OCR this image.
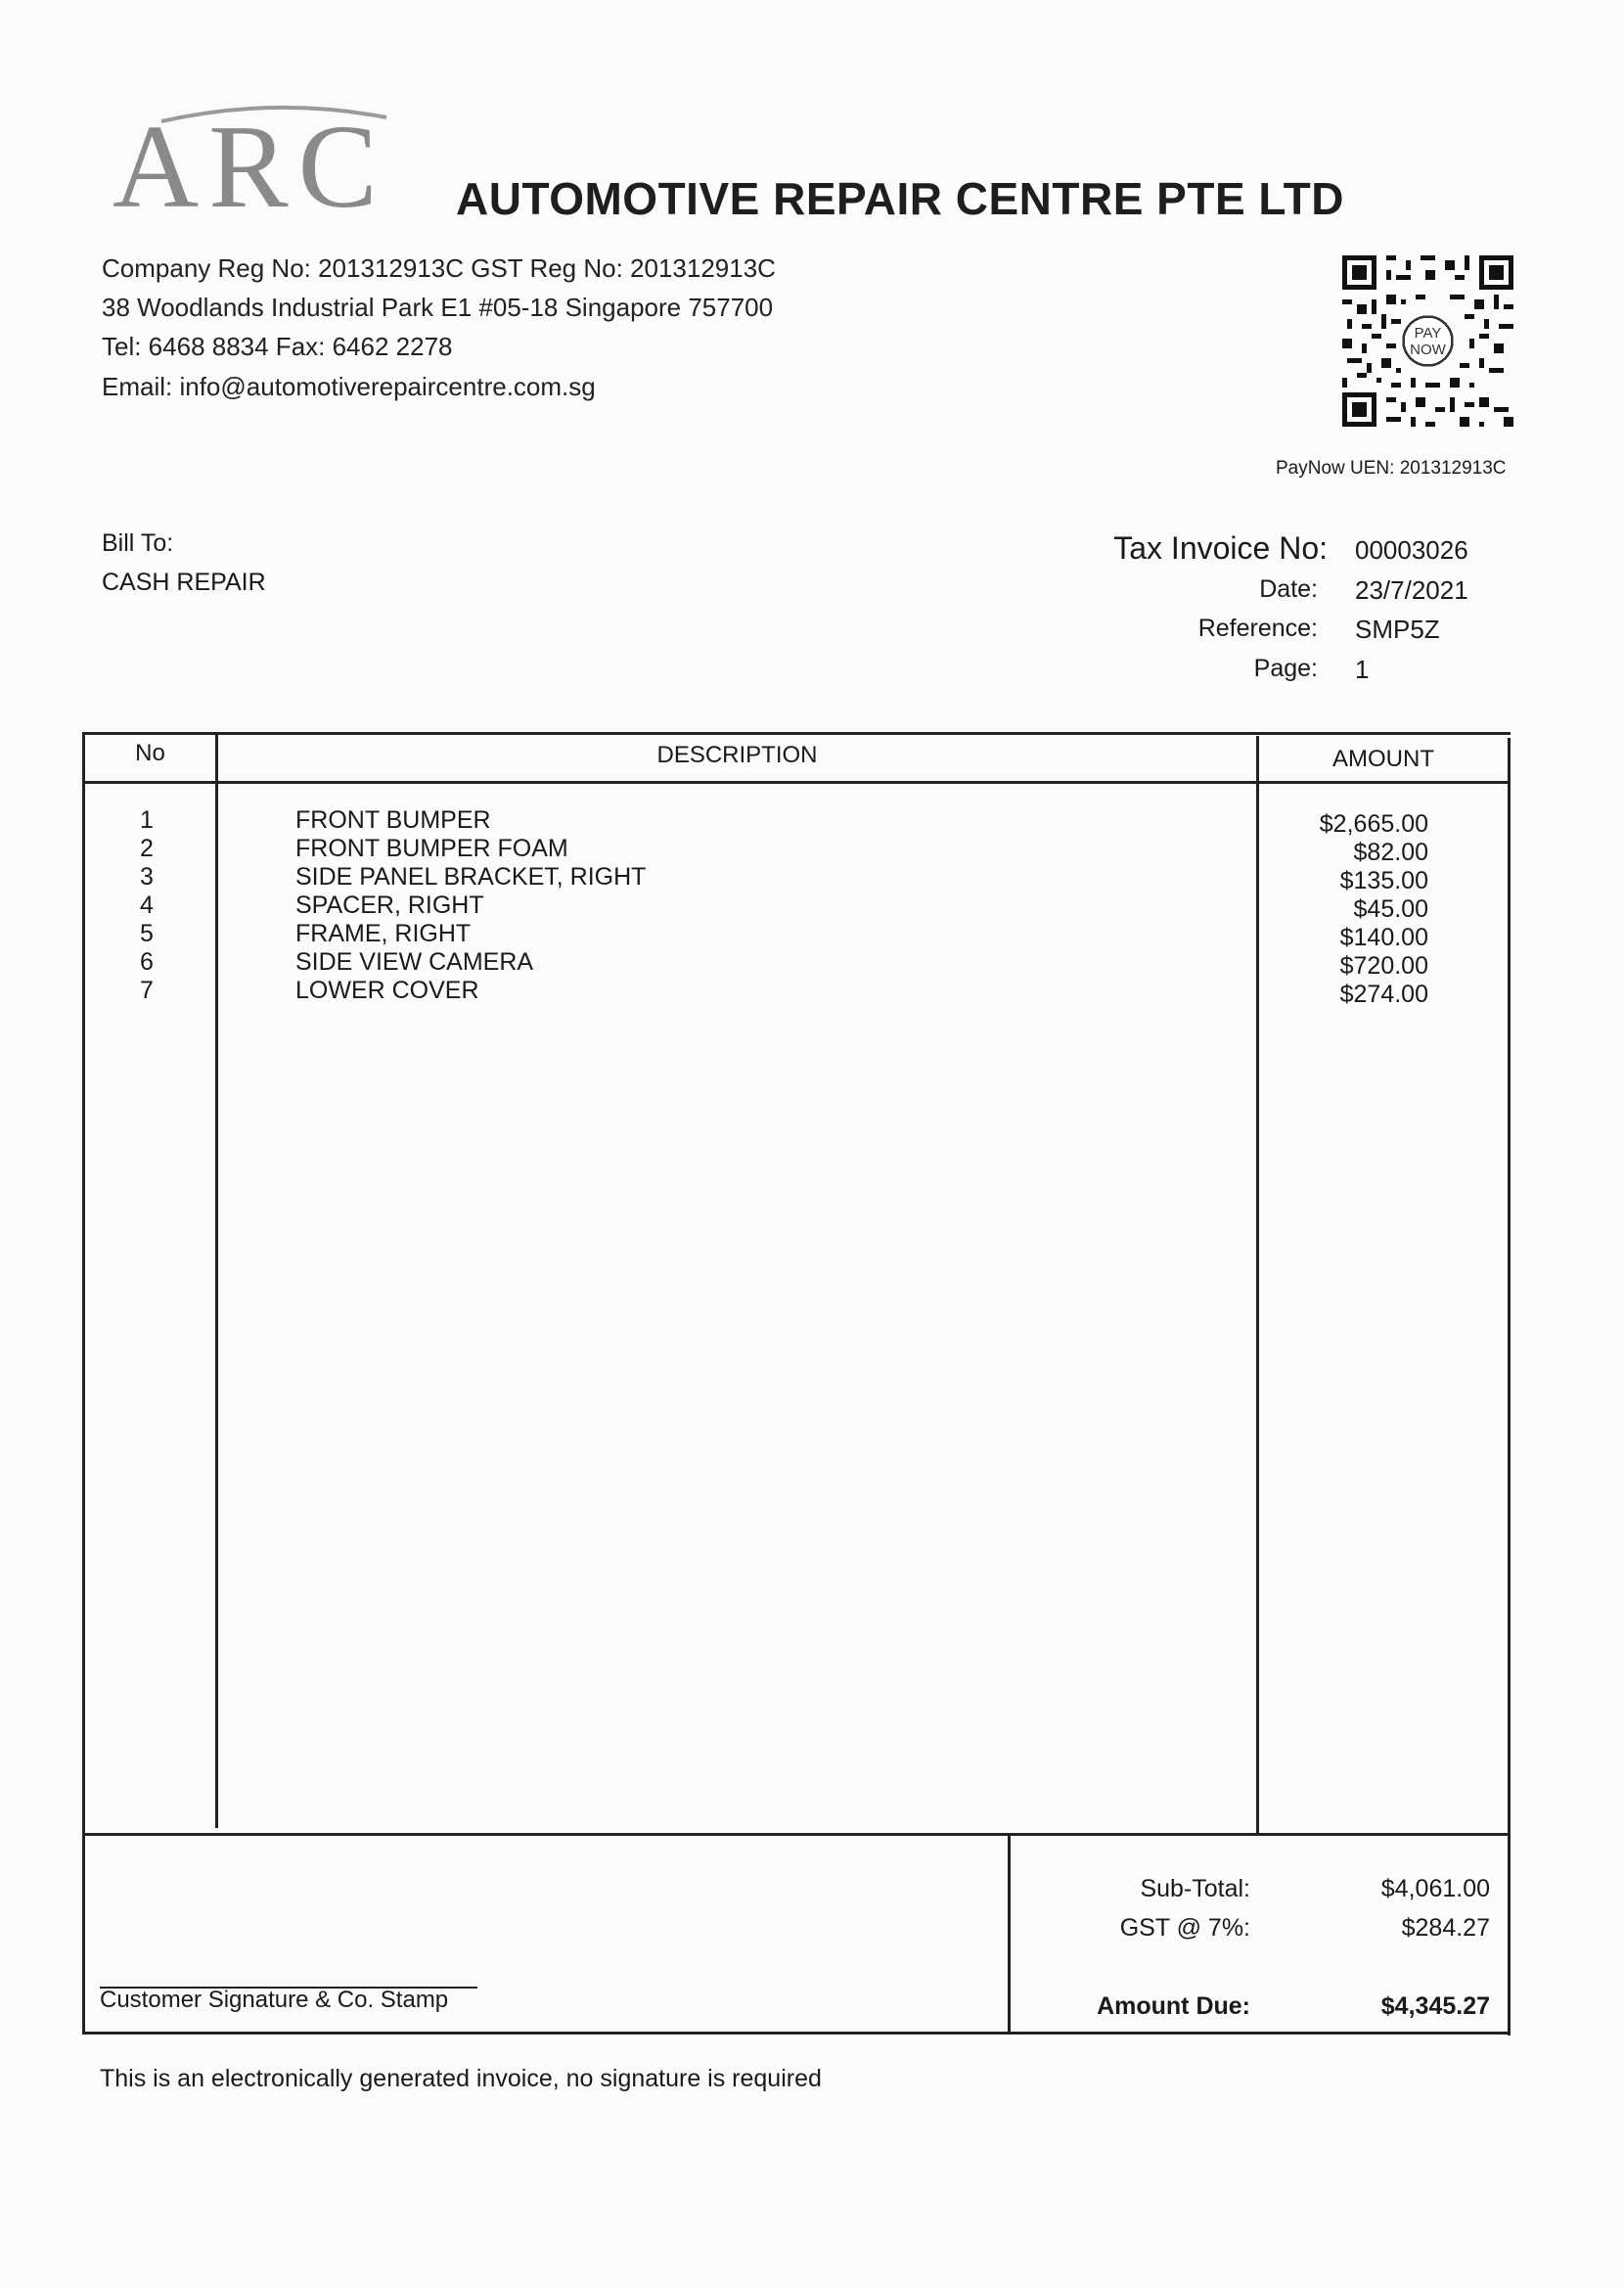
ARC AUTOMOTIVE REPAIR CENTRE PTE LTD
Company Reg No: 201312913C GST Reg No: 201312913C
38 Woodlands Industrial Park E1 #05-18 Singapore 757700
Tel: 6468 8834 Fax: 6462 2278
Email: info@automotiverepaircentre.com.sg
PAY
NOW
PayNow UEN: 201312913C
Bill To:
CASH REPAIR
Tax Invoice No: 00003026
Date: 23/7/2021
Reference: SMP5Z
Page: 1
No	DESCRIPTION	AMOUNT
1	FRONT BUMPER	$2,665.00
2	FRONT BUMPER FOAM	$82.00
3	SIDE PANEL BRACKET, RIGHT	$135.00
4	SPACER, RIGHT	$45.00
5	FRAME, RIGHT	$140.00
6	SIDE VIEW CAMERA	$720.00
7	LOWER COVER	$274.00
Sub-Total:	$4,061.00
GST @ 7%:	$284.27
Amount Due:	$4,345.27
Customer Signature & Co. Stamp
This is an electronically generated invoice, no signature is required
